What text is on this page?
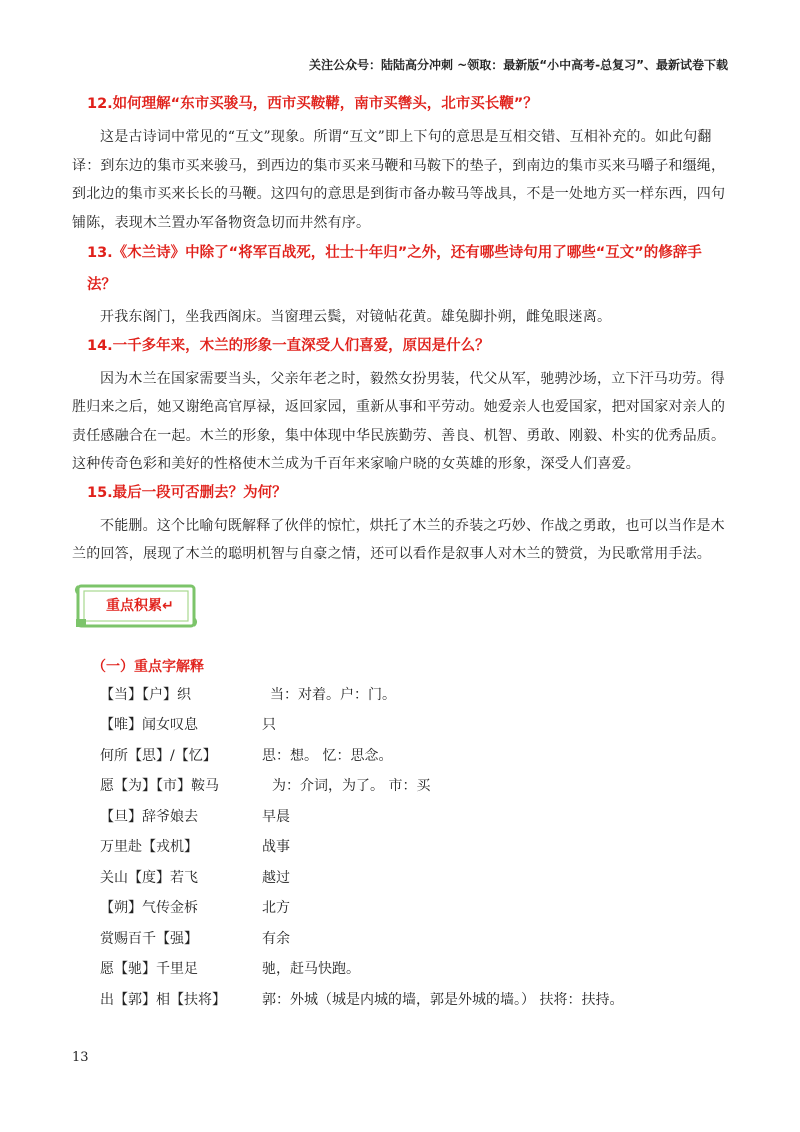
关注公众号：陆陆高分冲刺 ~领取：最新版“小中高考-总复习”、最新试卷下载
12.如何理解“东市买骏马，西市买鞍鞯，南市买辔头，北市买长鞭”？

这是古诗词中常见的“互文”现象。所谓“互文”即上下句的意思是互相交错、互相补充的。如此句翻译：到东边的集市买来骏马，到西边的集市买来马鞭和马鞍下的垫子，到南边的集市买来马嚼子和缰绳，到北边的集市买来长长的马鞭。这四句的意思是到街市备办鞍马等战具，不是一处地方买一样东西，四句铺陈，表现木兰置办军备物资急切而井然有序。

13.《木兰诗》中除了“将军百战死，壮士十年归”之外，还有哪些诗句用了哪些“互文”的修辞手法？

开我东阁门，坐我西阁床。当窗理云鬓，对镜帖花黄。雄兔脚扑朔，雌兔眼迷离。

14.一千多年来，木兰的形象一直深受人们喜爱，原因是什么？

因为木兰在国家需要当头，父亲年老之时，毅然女扮男装，代父从军，驰骋沙场，立下汗马功劳。得胜归来之后，她又谢绝高官厚禄，返回家园，重新从事和平劳动。她爱亲人也爱国家，把对国家对亲人的责任感融合在一起。木兰的形象，集中体现中华民族勤劳、善良、机智、勇敢、刚毅、朴实的优秀品质。这种传奇色彩和美好的性格使木兰成为千百年来家喻户晓的女英雄的形象，深受人们喜爱。

15.最后一段可否删去？为何？

不能删。这个比喻句既解释了伙伴的惊忙，烘托了木兰的乔装之巧妙、作战之勇敢，也可以当作是木兰的回答，展现了木兰的聪明机智与自豪之情，还可以看作是叙事人对木兰的赞赏，为民歌常用手法。

重点积累↵
（一）重点字解释
【当】【户】织	当：对着。户：门。
【唯】闻女叹息	只
何所【思】/【忆】	思：想。 忆：思念。
愿【为】【市】鞍马	为：介词，为了。 市：买
【旦】辞爷娘去	早晨
万里赴【戎机】	战事
关山【度】若飞	越过
【朔】气传金柝	北方
赏赐百千【强】	有余
愿【驰】千里足	驰，赶马快跑。
出【郭】相【扶将】	郭：外城（城是内城的墙，郭是外城的墙。） 扶将：扶持。
13
